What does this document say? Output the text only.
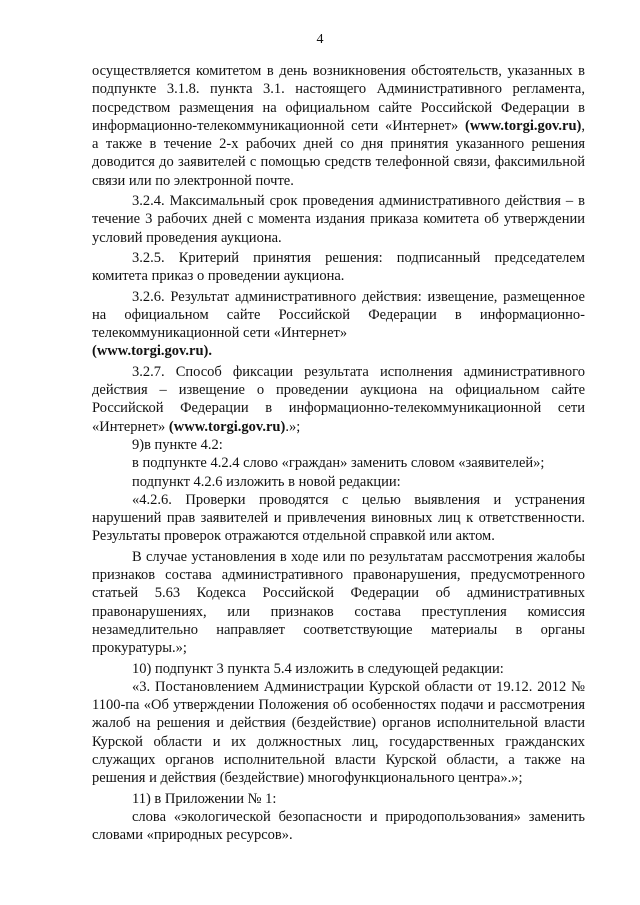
4

осуществляется комитетом в день возникновения обстоятельств, указанных в подпункте 3.1.8. пункта 3.1. настоящего Административного регламента, посредством размещения на официальном сайте Российской Федерации в информационно-телекоммуникационной сети «Интернет» (www.torgi.gov.ru), а также в течение 2-х рабочих дней со дня принятия указанного решения доводится до заявителей с помощью средств телефонной связи, факсимильной связи или по электронной почте.

3.2.4. Максимальный срок проведения административного действия – в течение 3 рабочих дней с момента издания приказа комитета об утверждении условий проведения аукциона.

3.2.5. Критерий принятия решения: подписанный председателем комитета приказ о проведении аукциона.

3.2.6. Результат административного действия: извещение, размещенное на официальном сайте Российской Федерации в информационно-телекоммуникационной сети «Интернет»
(www.torgi.gov.ru).

3.2.7. Способ фиксации результата исполнения административного действия – извещение о проведении аукциона на официальном сайте Российской Федерации в информационно-телекоммуникационной сети «Интернет» (www.torgi.gov.ru).»;

9)в пункте 4.2:

в подпункте 4.2.4 слово «граждан» заменить словом «заявителей»;

подпункт 4.2.6 изложить в новой редакции:

«4.2.6. Проверки проводятся с целью выявления и устранения нарушений прав заявителей и привлечения виновных лиц к ответственности. Результаты проверок отражаются отдельной справкой или актом.

В случае установления в ходе или по результатам рассмотрения жалобы признаков состава административного правонарушения, предусмотренного статьей 5.63 Кодекса Российской Федерации об административных правонарушениях, или признаков состава преступления комиссия незамедлительно направляет соответствующие материалы в органы прокуратуры.»;

10) подпункт 3 пункта 5.4 изложить в следующей редакции:

«3. Постановлением Администрации Курской области от 19.12. 2012 № 1100-па «Об утверждении Положения об особенностях подачи и рассмотрения жалоб на решения и действия (бездействие) органов исполнительной власти Курской области и их должностных лиц, государственных гражданских служащих органов исполнительной власти Курской области, а также на решения и действия (бездействие) многофункционального центра».»;

11) в Приложении № 1:

слова «экологической безопасности и природопользования» заменить словами «природных ресурсов».
